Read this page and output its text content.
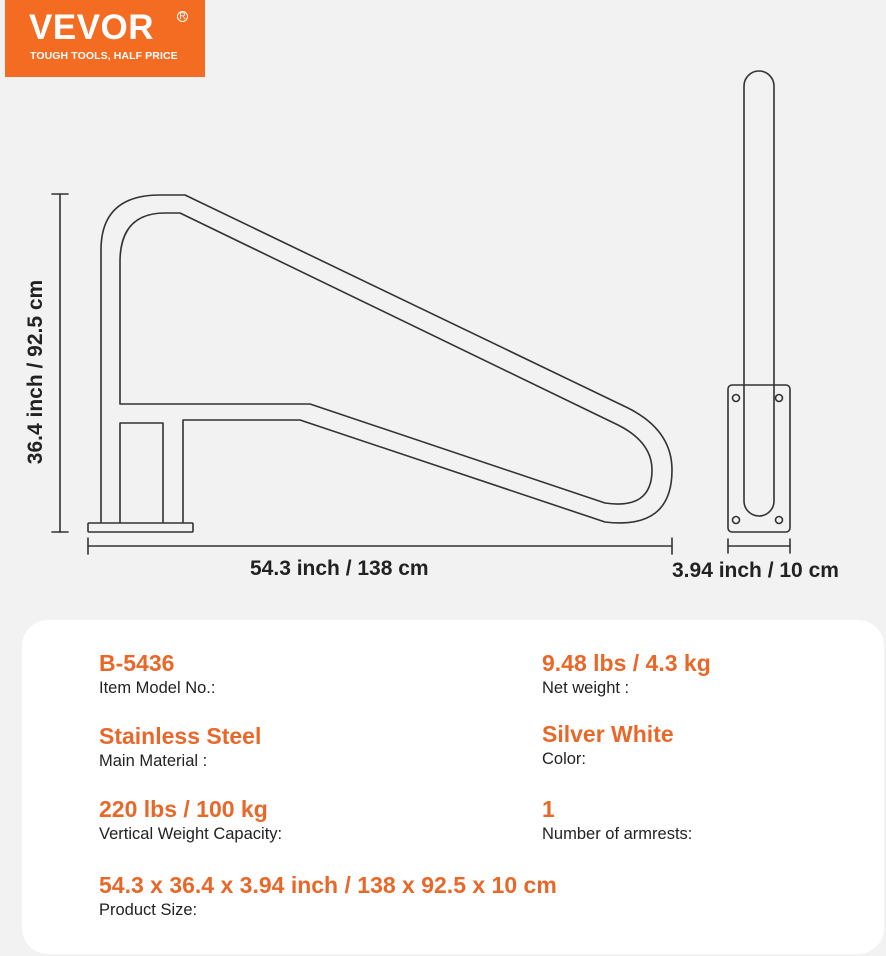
VEVOR	R
TOUGH TOOLS, HALF PRICE
36.4 inch / 92.5 cm
54.3 inch / 138 cm	3.94 inch / 10 cm
B-5436
Item Model No.:
9.48 lbs / 4.3 kg
Net weight :
Stainless Steel
Main Material :
Silver White
Color:
220 lbs / 100 kg
Vertical Weight Capacity:
1
Number of armrests:
54.3 x 36.4 x 3.94 inch / 138 x 92.5 x 10 cm
Product Size:
